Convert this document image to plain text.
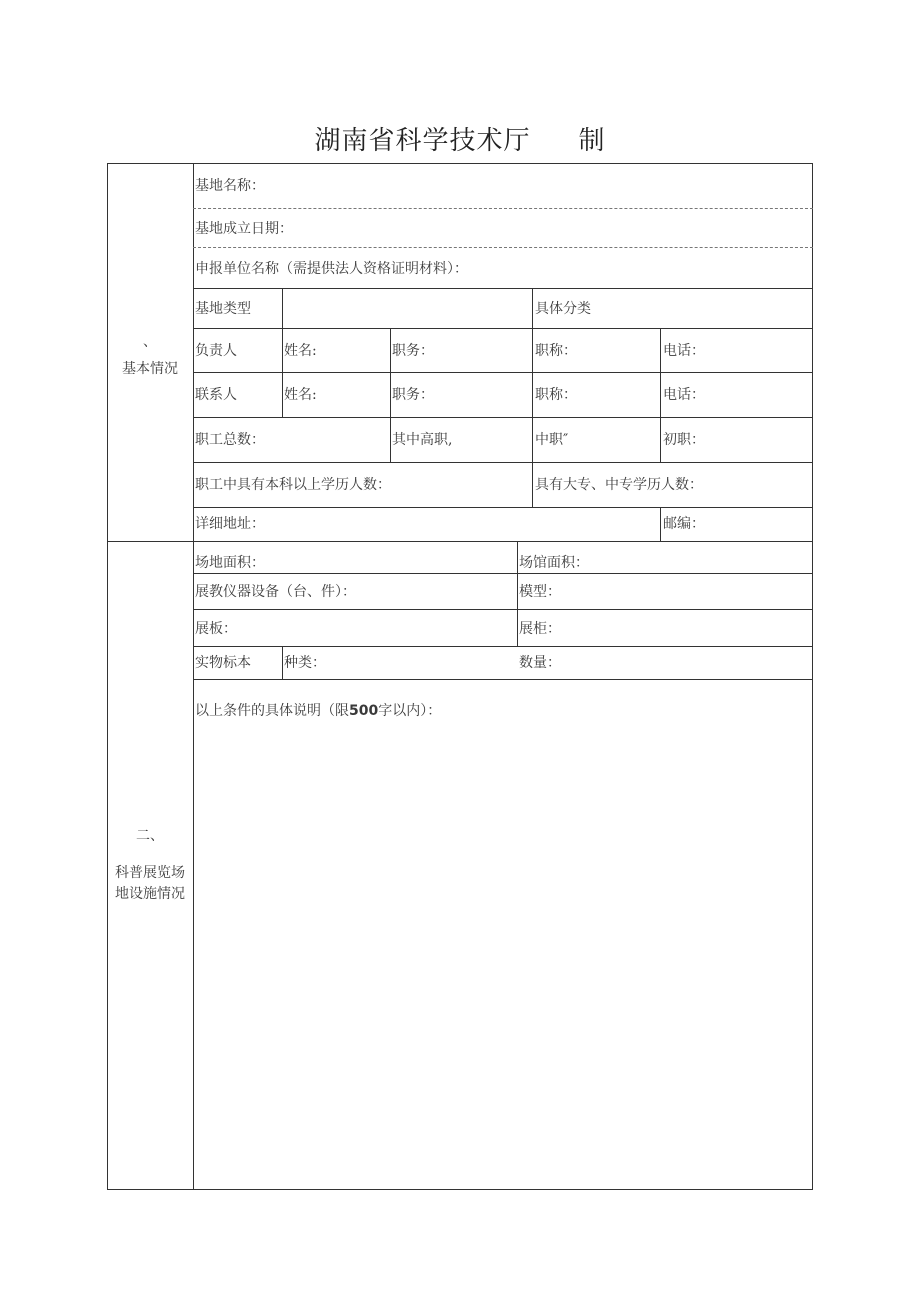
湖南省科学技术厅 制
、
基本情况
基地名称：
基地成立日期：
申报单位名称（需提供法人资格证明材料）：
基地类型	具体分类
负责人	姓名:	职务：	职称：	电话：
联系人	姓名:	职务：	职称：	电话：
职工总数：	其中高职,	中职″	初职：
职工中具有本科以上学历人数：	具有大专、中专学历人数：
详细地址：	邮编：
二、
科普展览场
地设施情况
场地面积：	场馆面积：
展教仪器设备（台、件）：	模型：
展板：	展柜：
实物标本 种类：	数量：
以上条件的具体说明（限500字以内）：
